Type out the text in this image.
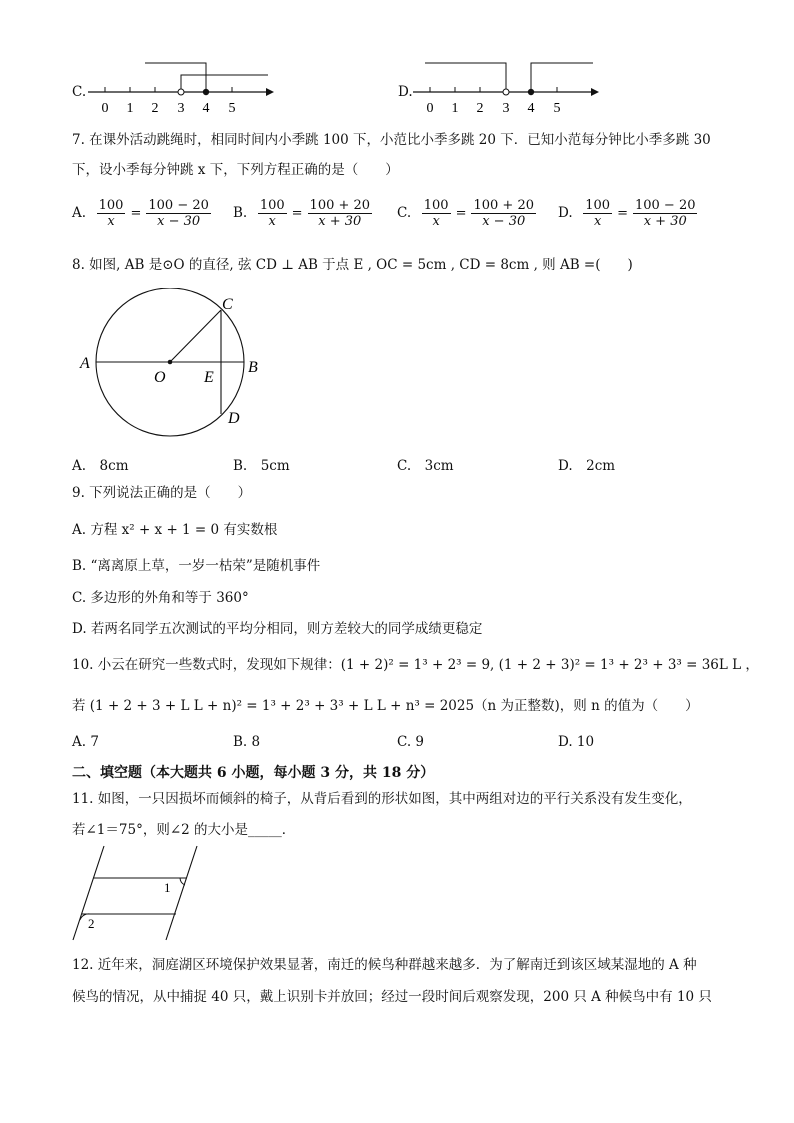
C.
0 1 2 3 4 5
D.
0 1 2 3 4 5
7. 在课外活动跳绳时，相同时间内小季跳 100 下，小范比小季多跳 20 下．已知小范每分钟比小季多跳 30
下，设小季每分钟跳 x 下，下列方程正确的是（　　）
A. $\frac{100}{x} = \frac{100 - 20}{x - 30} B$. $\frac{100}{x} = \frac{100 + 20}{x + 30} C$. $\frac{100}{x} = \frac{100 + 20}{x - 30} D$. $\frac{100}{x} = \frac{100 - 20}{x + 30}$
8. 如图, AB 是⊙O 的直径, 弦 CD ⊥ AB 于点 E , OC = 5cm , CD = 8cm , 则 AB =(　　)
A	B
C
D
O E
A.　8cm	B.　5cm	C.　3cm	D.　2cm
9. 下列说法正确的是（　　）
A. 方程 x² + x + 1 = 0 有实数根
B. “离离原上草，一岁一枯荣”是随机事件
C. 多边形的外角和等于 360°
D. 若两名同学五次测试的平均分相同，则方差较大的同学成绩更稳定
10. 小云在研究一些数式时，发现如下规律：(1 + 2)² = 1³ + 2³ = 9, (1 + 2 + 3)² = 1³ + 2³ + 3³ = 36L L ，
若 (1 + 2 + 3 + L L + n)² = 1³ + 2³ + 3³ + L L + n³ = 2025（n 为正整数)，则 n 的值为（　　）
A. 7	B. 8	C. 9	D. 10
二、填空题（本大题共 6 小题，每小题 3 分，共 18 分）
11. 如图，一只因损坏而倾斜的椅子，从背后看到的形状如图，其中两组对边的平行关系没有发生变化，
若∠1＝75°，则∠2 的大小是_____．
1
2
12. 近年来，洞庭湖区环境保护效果显著，南迁的候鸟种群越来越多．为了解南迁到该区域某湿地的 A 种
候鸟的情况，从中捕捉 40 只，戴上识别卡并放回；经过一段时间后观察发现，200 只 A 种候鸟中有 10 只
